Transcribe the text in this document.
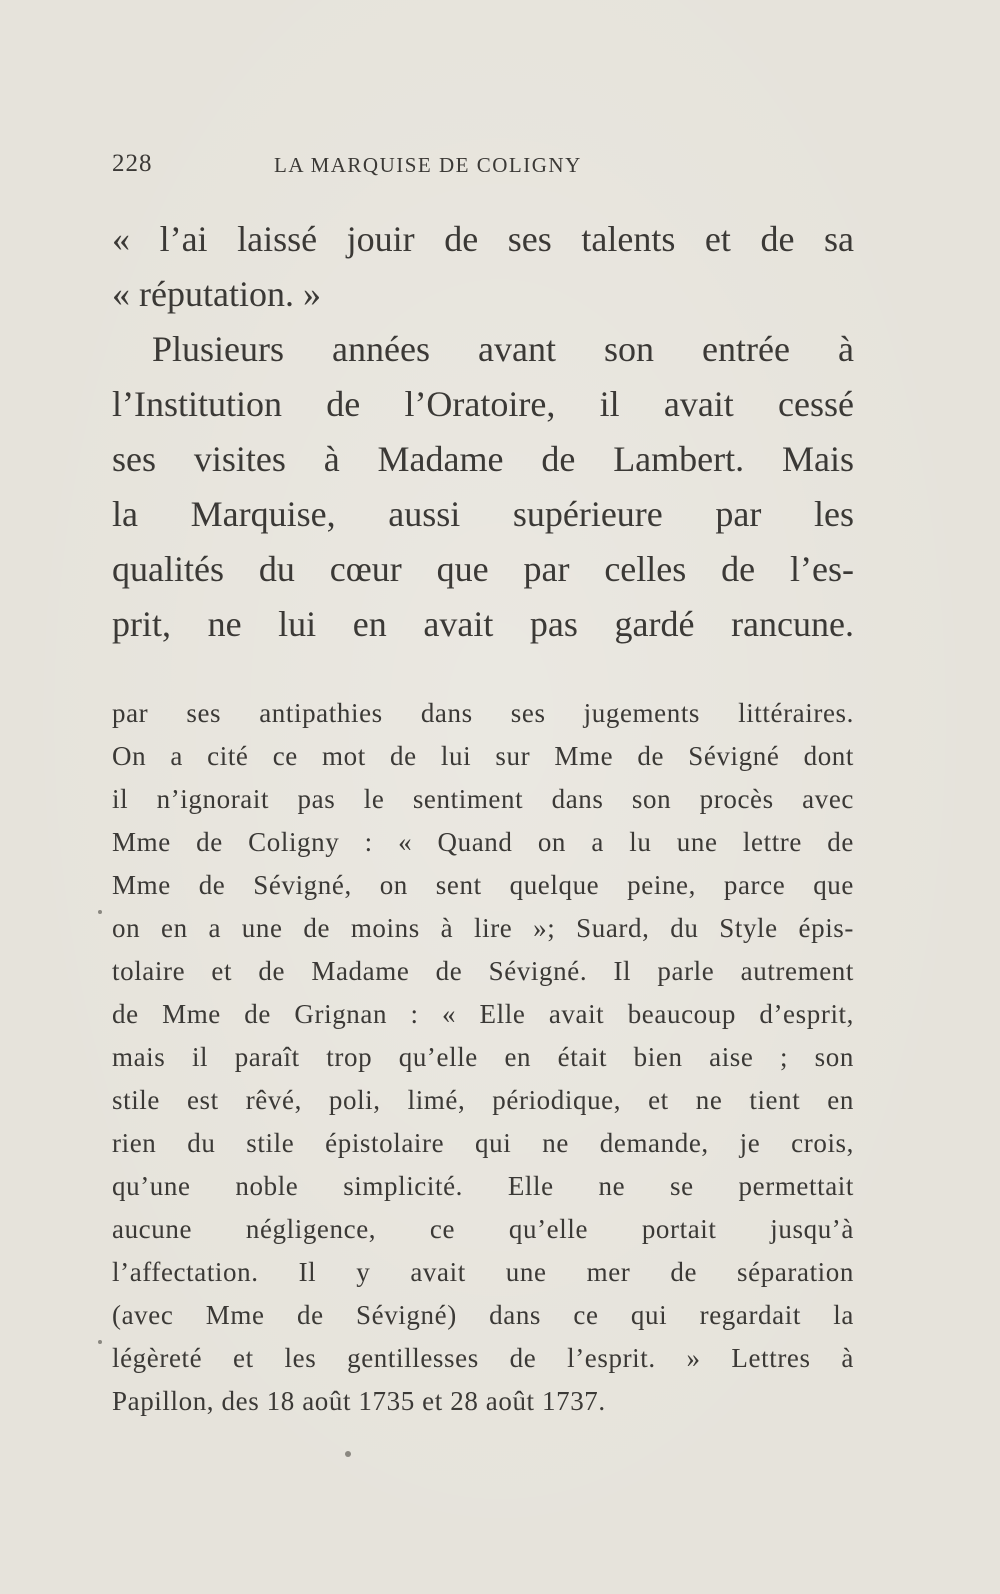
228	LA MARQUISE DE COLIGNY
« l’ai laissé jouir de ses talents et de sa
« réputation. »
Plusieurs années avant son entrée à
l’Institution de l’Oratoire, il avait cessé
ses visites à Madame de Lambert. Mais
la Marquise, aussi supérieure par les
qualités du cœur que par celles de l’es-
prit, ne lui en avait pas gardé rancune.
par ses antipathies dans ses jugements littéraires.
On a cité ce mot de lui sur Mme de Sévigné dont
il n’ignorait pas le sentiment dans son procès avec
Mme de Coligny : « Quand on a lu une lettre de
Mme de Sévigné, on sent quelque peine, parce que
on en a une de moins à lire »; Suard, du Style épis-
tolaire et de Madame de Sévigné. Il parle autrement
de Mme de Grignan : « Elle avait beaucoup d’esprit,
mais il paraît trop qu’elle en était bien aise ; son
stile est rêvé, poli, limé, périodique, et ne tient en
rien du stile épistolaire qui ne demande, je crois,
qu’une noble simplicité. Elle ne se permettait
aucune négligence, ce qu’elle portait jusqu’à
l’affectation. Il y avait une mer de séparation
(avec Mme de Sévigné) dans ce qui regardait la
légèreté et les gentillesses de l’esprit. » Lettres à
Papillon, des 18 août 1735 et 28 août 1737.
